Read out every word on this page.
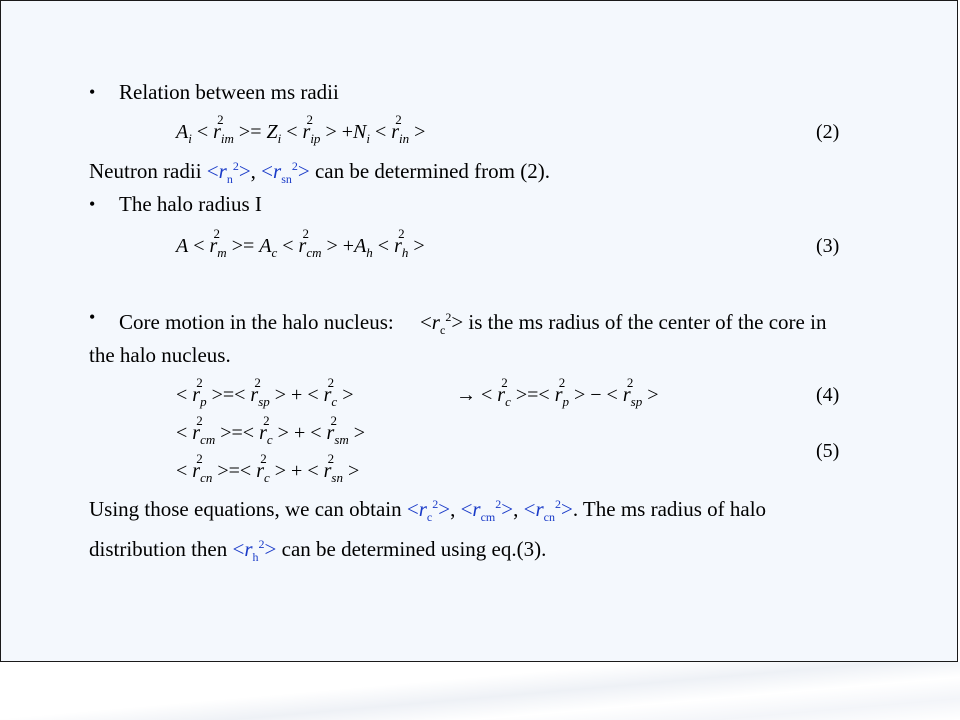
• Relation between ms radii
$A_i < r$
2
$_{im} >= Z_i < r$
2
$_{ip} > +N_i < r$
2
$_{in}$ >	(2)
Neutron radii $<r_n^2>$, $<r_{sn}^2>$ can be determined from (2).
• The halo radius I
A < r
2
$_m >= A_c < r$
2
$_{cm} > +A_h < r$
2
$_h$ >	(3)
• Core motion in the halo nucleus: $<r_c^2>$ is the ms radius of the center of the core in
the halo nucleus.
< r
2
$_p$ >=< r
2
$_{sp}$ > + < r
2
$_c$ >	→ < r
2
$_c$ >=< r
2
$_p$ > − < r
2
$_{sp}$ >	(4)
< r
2
$_{cm}$ >=< r
2
$_c$ > + < r
2
$_{sm}$ >
< r
2
$_{cn}$ >=< r
2
$_c$ > + < r
2
$_{sn}$ >
(5)
Using those equations, we can obtain $<r_c^2>$, $<r_{cm}^2>$, $<r_{cn}^2>$. The ms radius of halo
distribution then $<r_h^2>$ can be determined using eq.(3).
